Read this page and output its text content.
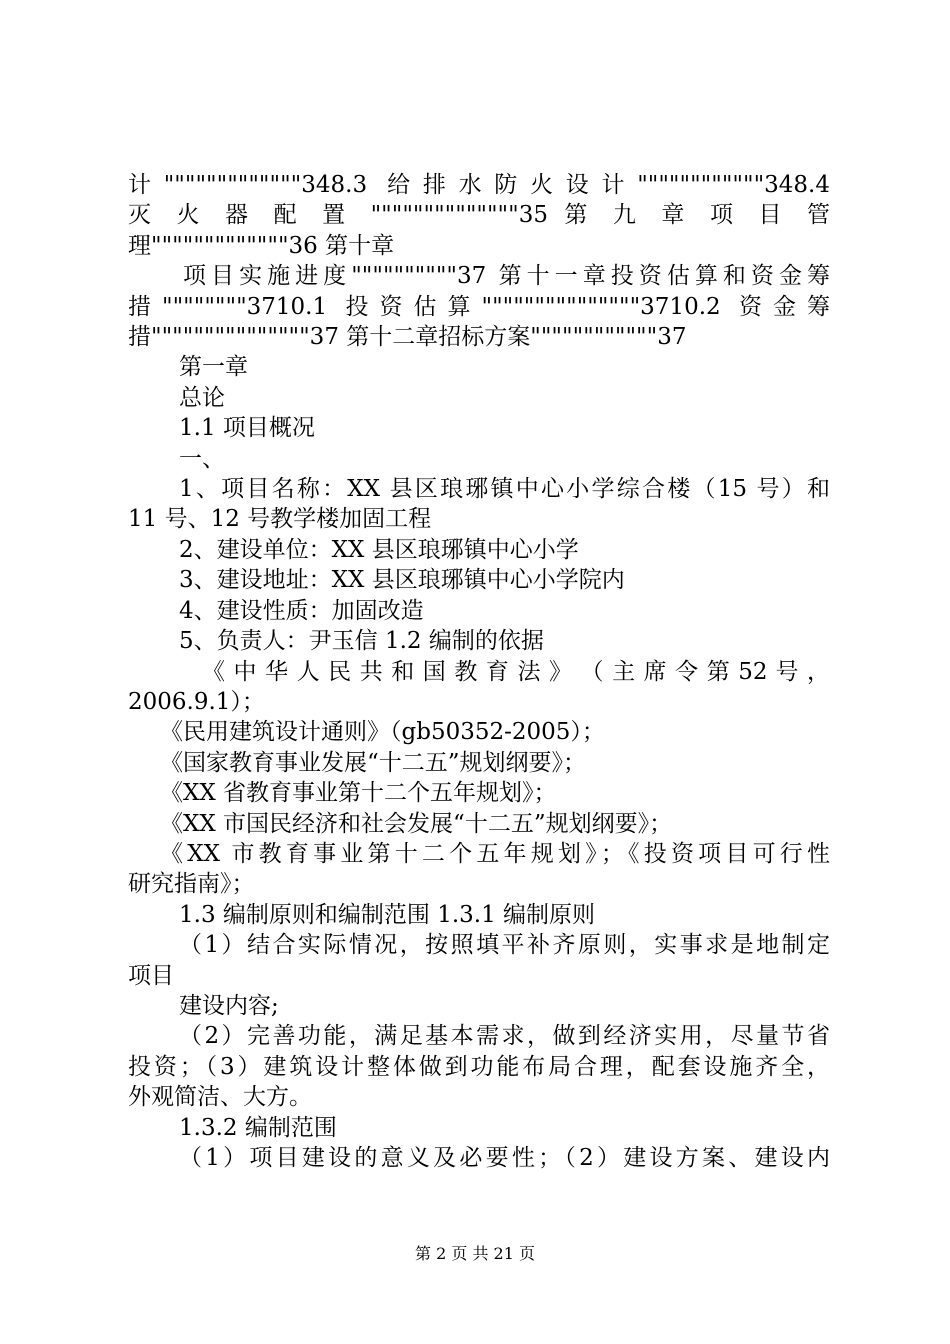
计"""""""""""""348.3 给排水防火设计""""""""""""348.4

灭 火 器 配 置 """"""""""""""35 第 九 章 项 目 管

理"""""""""""""36 第十章

项目实施进度""""""""""37 第十一章投资估算和资金筹

措""""""""3710.1 投资估算"""""""""""""""3710.2 资金筹

措"""""""""""""""37 第十二章招标方案""""""""""""37

第一章

总论

1.1 项目概况

一、

1、项目名称：XX 县区琅琊镇中心小学综合楼（15 号）和

11 号、12 号教学楼加固工程

2、建设单位：XX 县区琅琊镇中心小学

3、建设地址：XX 县区琅琊镇中心小学院内

4、建设性质：加固改造

5、负责人：尹玉信 1.2 编制的依据

《 中 华 人 民 共 和 国 教 育 法 》 （ 主 席 令 第 52 号 ，

2006.9.1）；

《民用建筑设计通则》（gb50352-2005）；

《国家教育事业发展“十二五”规划纲要》；

《XX 省教育事业第十二个五年规划》；

《XX 市国民经济和社会发展“十二五”规划纲要》；

《XX 市教育事业第十二个五年规划》；《投资项目可行性

研究指南》；

1.3 编制原则和编制范围 1.3.1 编制原则

（1）结合实际情况，按照填平补齐原则，实事求是地制定

项目

建设内容;

（2）完善功能，满足基本需求，做到经济实用，尽量节省

投资；（3）建筑设计整体做到功能布局合理，配套设施齐全，

外观简洁、大方。

1.3.2 编制范围

（1）项目建设的意义及必要性；（2）建设方案、建设内

第 2 页 共 21 页
